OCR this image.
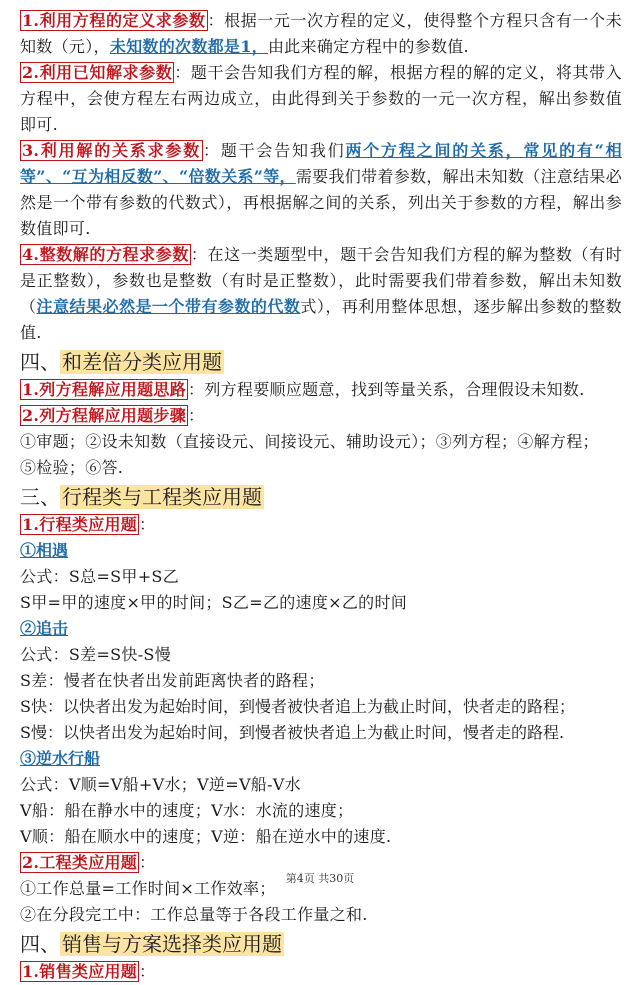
1.利用方程的定义求参数 ：根据一元一次方程的定义，使得整个方程只含有一个未知数（元），未知数的次数都是1，由此来确定方程中的参数值.
2.利用已知解求参数 ：题干会告知我们方程的解，根据方程的解的定义，将其带入方程中，会使方程左右两边成立，由此得到关于参数的一元一次方程，解出参数值即可.
3.利用解的关系求参数 ：题干会告知我们两个方程之间的关系，常见的有“相等”、“互为相反数”、“倍数关系”等，需要我们带着参数，解出未知数（注意结果必然是一个带有参数的代数式），再根据解之间的关系，列出关于参数的方程，解出参数值即可.
4.整数解的方程求参数 ：在这一类题型中，题干会告知我们方程的解为整数（有时是正整数），参数也是整数（有时是正整数），此时需要我们带着参数，解出未知数（注意结果必然是一个带有参数的代数式），再利用整体思想，逐步解出参数的整数值.
四、 和差倍分类应用题
1.列方程解应用题思路 ：列方程要顺应题意，找到等量关系，合理假设未知数.
2.列方程解应用题步骤 ：
①审题；②设未知数（直接设元、间接设元、辅助设元）；③列方程；④解方程；
⑤检验；⑥答.
三、 行程类与工程类应用题
1.行程类应用题 ：
①相遇
公式：S总=S甲+S乙
S甲=甲的速度×甲的时间；S乙=乙的速度×乙的时间
②追击
公式：S差=S快-S慢
S差：慢者在快者出发前距离快者的路程；
S快：以快者出发为起始时间，到慢者被快者追上为截止时间，快者走的路程；
S慢：以快者出发为起始时间，到慢者被快者追上为截止时间，慢者走的路程.
③逆水行船
公式：V顺=V船+V水；V逆=V船-V水
V船：船在静水中的速度；V水：水流的速度；
V顺：船在顺水中的速度；V逆：船在逆水中的速度.
2.工程类应用题 ：
①工作总量=工作时间×工作效率；
②在分段完工中：工作总量等于各段工作量之和.
四、 销售与方案选择类应用题
1.销售类应用题 ：
第4页 共30页
